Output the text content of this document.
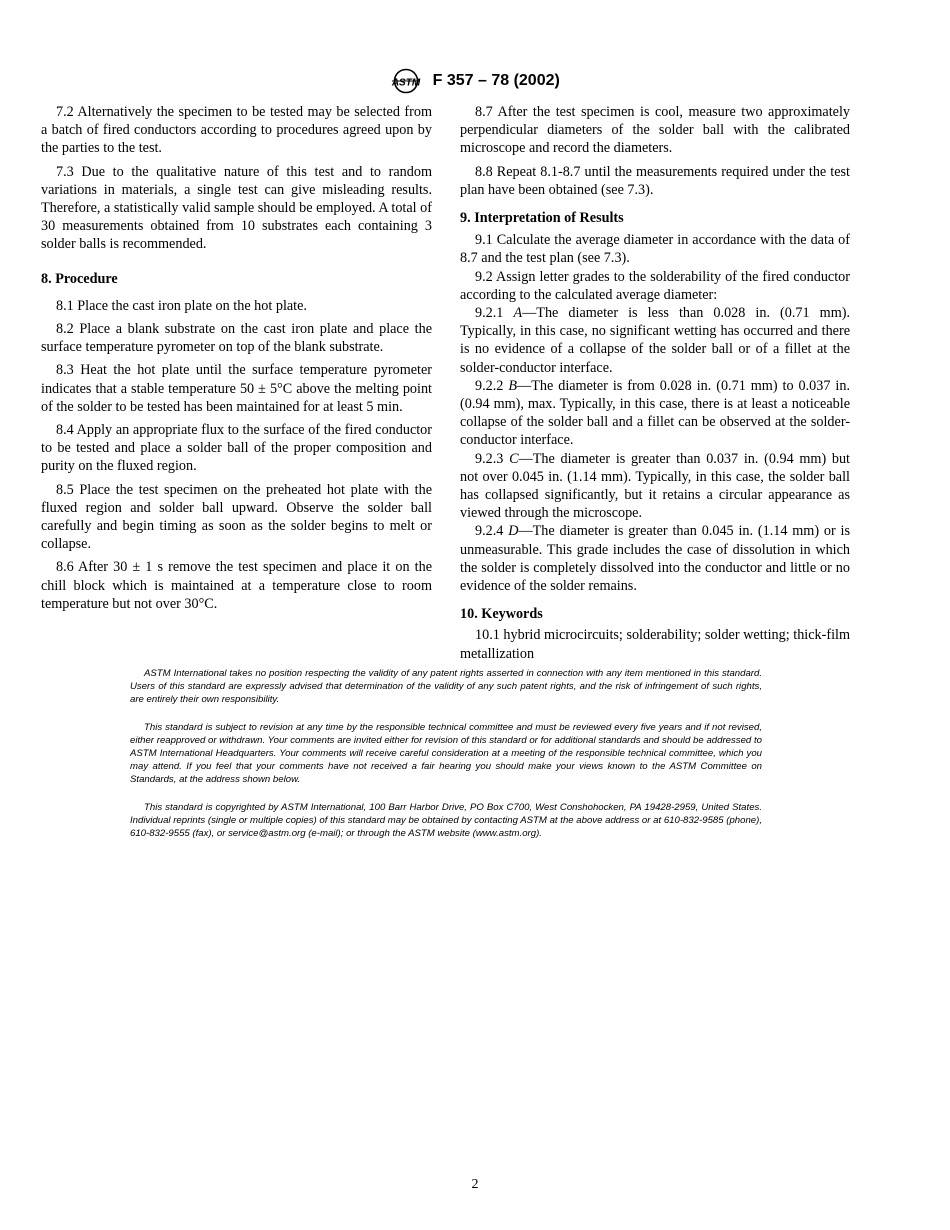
ASTM F 357 – 78 (2002)

7.2 Alternatively the specimen to be tested may be selected from a batch of fired conductors according to procedures agreed upon by the parties to the test.

7.3 Due to the qualitative nature of this test and to random variations in materials, a single test can give misleading results. Therefore, a statistically valid sample should be employed. A total of 30 measurements obtained from 10 substrates each containing 3 solder balls is recommended.

8. Procedure

8.1 Place the cast iron plate on the hot plate.

8.2 Place a blank substrate on the cast iron plate and place the surface temperature pyrometer on top of the blank substrate.

8.3 Heat the hot plate until the surface temperature pyrometer indicates that a stable temperature 50 ± 5°C above the melting point of the solder to be tested has been maintained for at least 5 min.

8.4 Apply an appropriate flux to the surface of the fired conductor to be tested and place a solder ball of the proper composition and purity on the fluxed region.

8.5 Place the test specimen on the preheated hot plate with the fluxed region and solder ball upward. Observe the solder ball carefully and begin timing as soon as the solder begins to melt or collapse.

8.6 After 30 ± 1 s remove the test specimen and place it on the chill block which is maintained at a temperature close to room temperature but not over 30°C.

8.7 After the test specimen is cool, measure two approximately perpendicular diameters of the solder ball with the calibrated microscope and record the diameters.

8.8 Repeat 8.1-8.7 until the measurements required under the test plan have been obtained (see 7.3).

9. Interpretation of Results

9.1 Calculate the average diameter in accordance with the data of 8.7 and the test plan (see 7.3).

9.2 Assign letter grades to the solderability of the fired conductor according to the calculated average diameter:

9.2.1 A—The diameter is less than 0.028 in. (0.71 mm). Typically, in this case, no significant wetting has occurred and there is no evidence of a collapse of the solder ball or of a fillet at the solder-conductor interface.

9.2.2 B—The diameter is from 0.028 in. (0.71 mm) to 0.037 in. (0.94 mm), max. Typically, in this case, there is at least a noticeable collapse of the solder ball and a fillet can be observed at the solder-conductor interface.

9.2.3 C—The diameter is greater than 0.037 in. (0.94 mm) but not over 0.045 in. (1.14 mm). Typically, in this case, the solder ball has collapsed significantly, but it retains a circular appearance as viewed through the microscope.

9.2.4 D—The diameter is greater than 0.045 in. (1.14 mm) or is unmeasurable. This grade includes the case of dissolution in which the solder is completely dissolved into the conductor and little or no evidence of the solder remains.

10. Keywords

10.1 hybrid microcircuits; solderability; solder wetting; thick-film metallization

ASTM International takes no position respecting the validity of any patent rights asserted in connection with any item mentioned in this standard. Users of this standard are expressly advised that determination of the validity of any such patent rights, and the risk of infringement of such rights, are entirely their own responsibility.

This standard is subject to revision at any time by the responsible technical committee and must be reviewed every five years and if not revised, either reapproved or withdrawn. Your comments are invited either for revision of this standard or for additional standards and should be addressed to ASTM International Headquarters. Your comments will receive careful consideration at a meeting of the responsible technical committee, which you may attend. If you feel that your comments have not received a fair hearing you should make your views known to the ASTM Committee on Standards, at the address shown below.

This standard is copyrighted by ASTM International, 100 Barr Harbor Drive, PO Box C700, West Conshohocken, PA 19428-2959, United States. Individual reprints (single or multiple copies) of this standard may be obtained by contacting ASTM at the above address or at 610-832-9585 (phone), 610-832-9555 (fax), or service@astm.org (e-mail); or through the ASTM website (www.astm.org).

2
